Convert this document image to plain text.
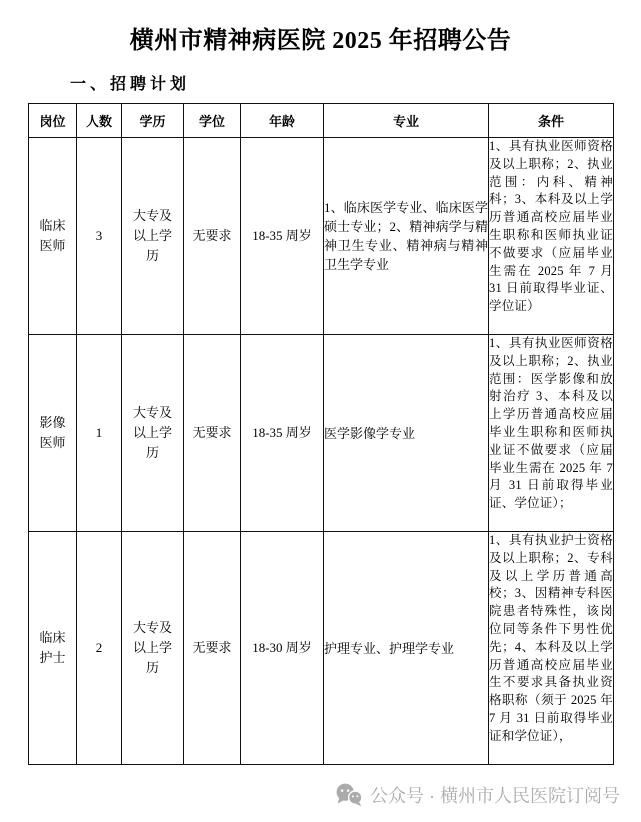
横州市精神病医院 2025 年招聘公告
一、招聘计划
岗位	人数	学历	学位	年龄	专业	条件
临床医师	3	大专及以上学历	无要求	18-35 周岁	1、临床医学专业、临床医学硕士专业；2、精神病学与精神卫生专业、精神病与精神卫生学专业	1、具有执业医师资格及以上职称；2、执业范围：内科、精神科；3、本科及以上学历普通高校应届毕业生职称和医师执业证不做要求（应届毕业生需在 2025 年 7 月 31 日前取得毕业证、学位证）
影像医师	1	大专及以上学历	无要求	18-35 周岁	医学影像学专业	1、具有执业医师资格及以上职称；2、执业范围：医学影像和放射治疗 3、本科及以上学历普通高校应届毕业生职称和医师执业证不做要求（应届毕业生需在 2025 年 7 月 31 日前取得毕业证、学位证）；
临床护士	2	大专及以上学历	无要求	18-30 周岁	护理专业、护理学专业	1、具有执业护士资格及以上职称；2、专科及以上学历普通高校；3、因精神专科医院患者特殊性，该岗位同等条件下男性优先；4、本科及以上学历普通高校应届毕业生不要求具备执业资格职称（须于 2025 年 7 月 31 日前取得毕业证和学位证），
公众号 · 横州市人民医院订阅号
